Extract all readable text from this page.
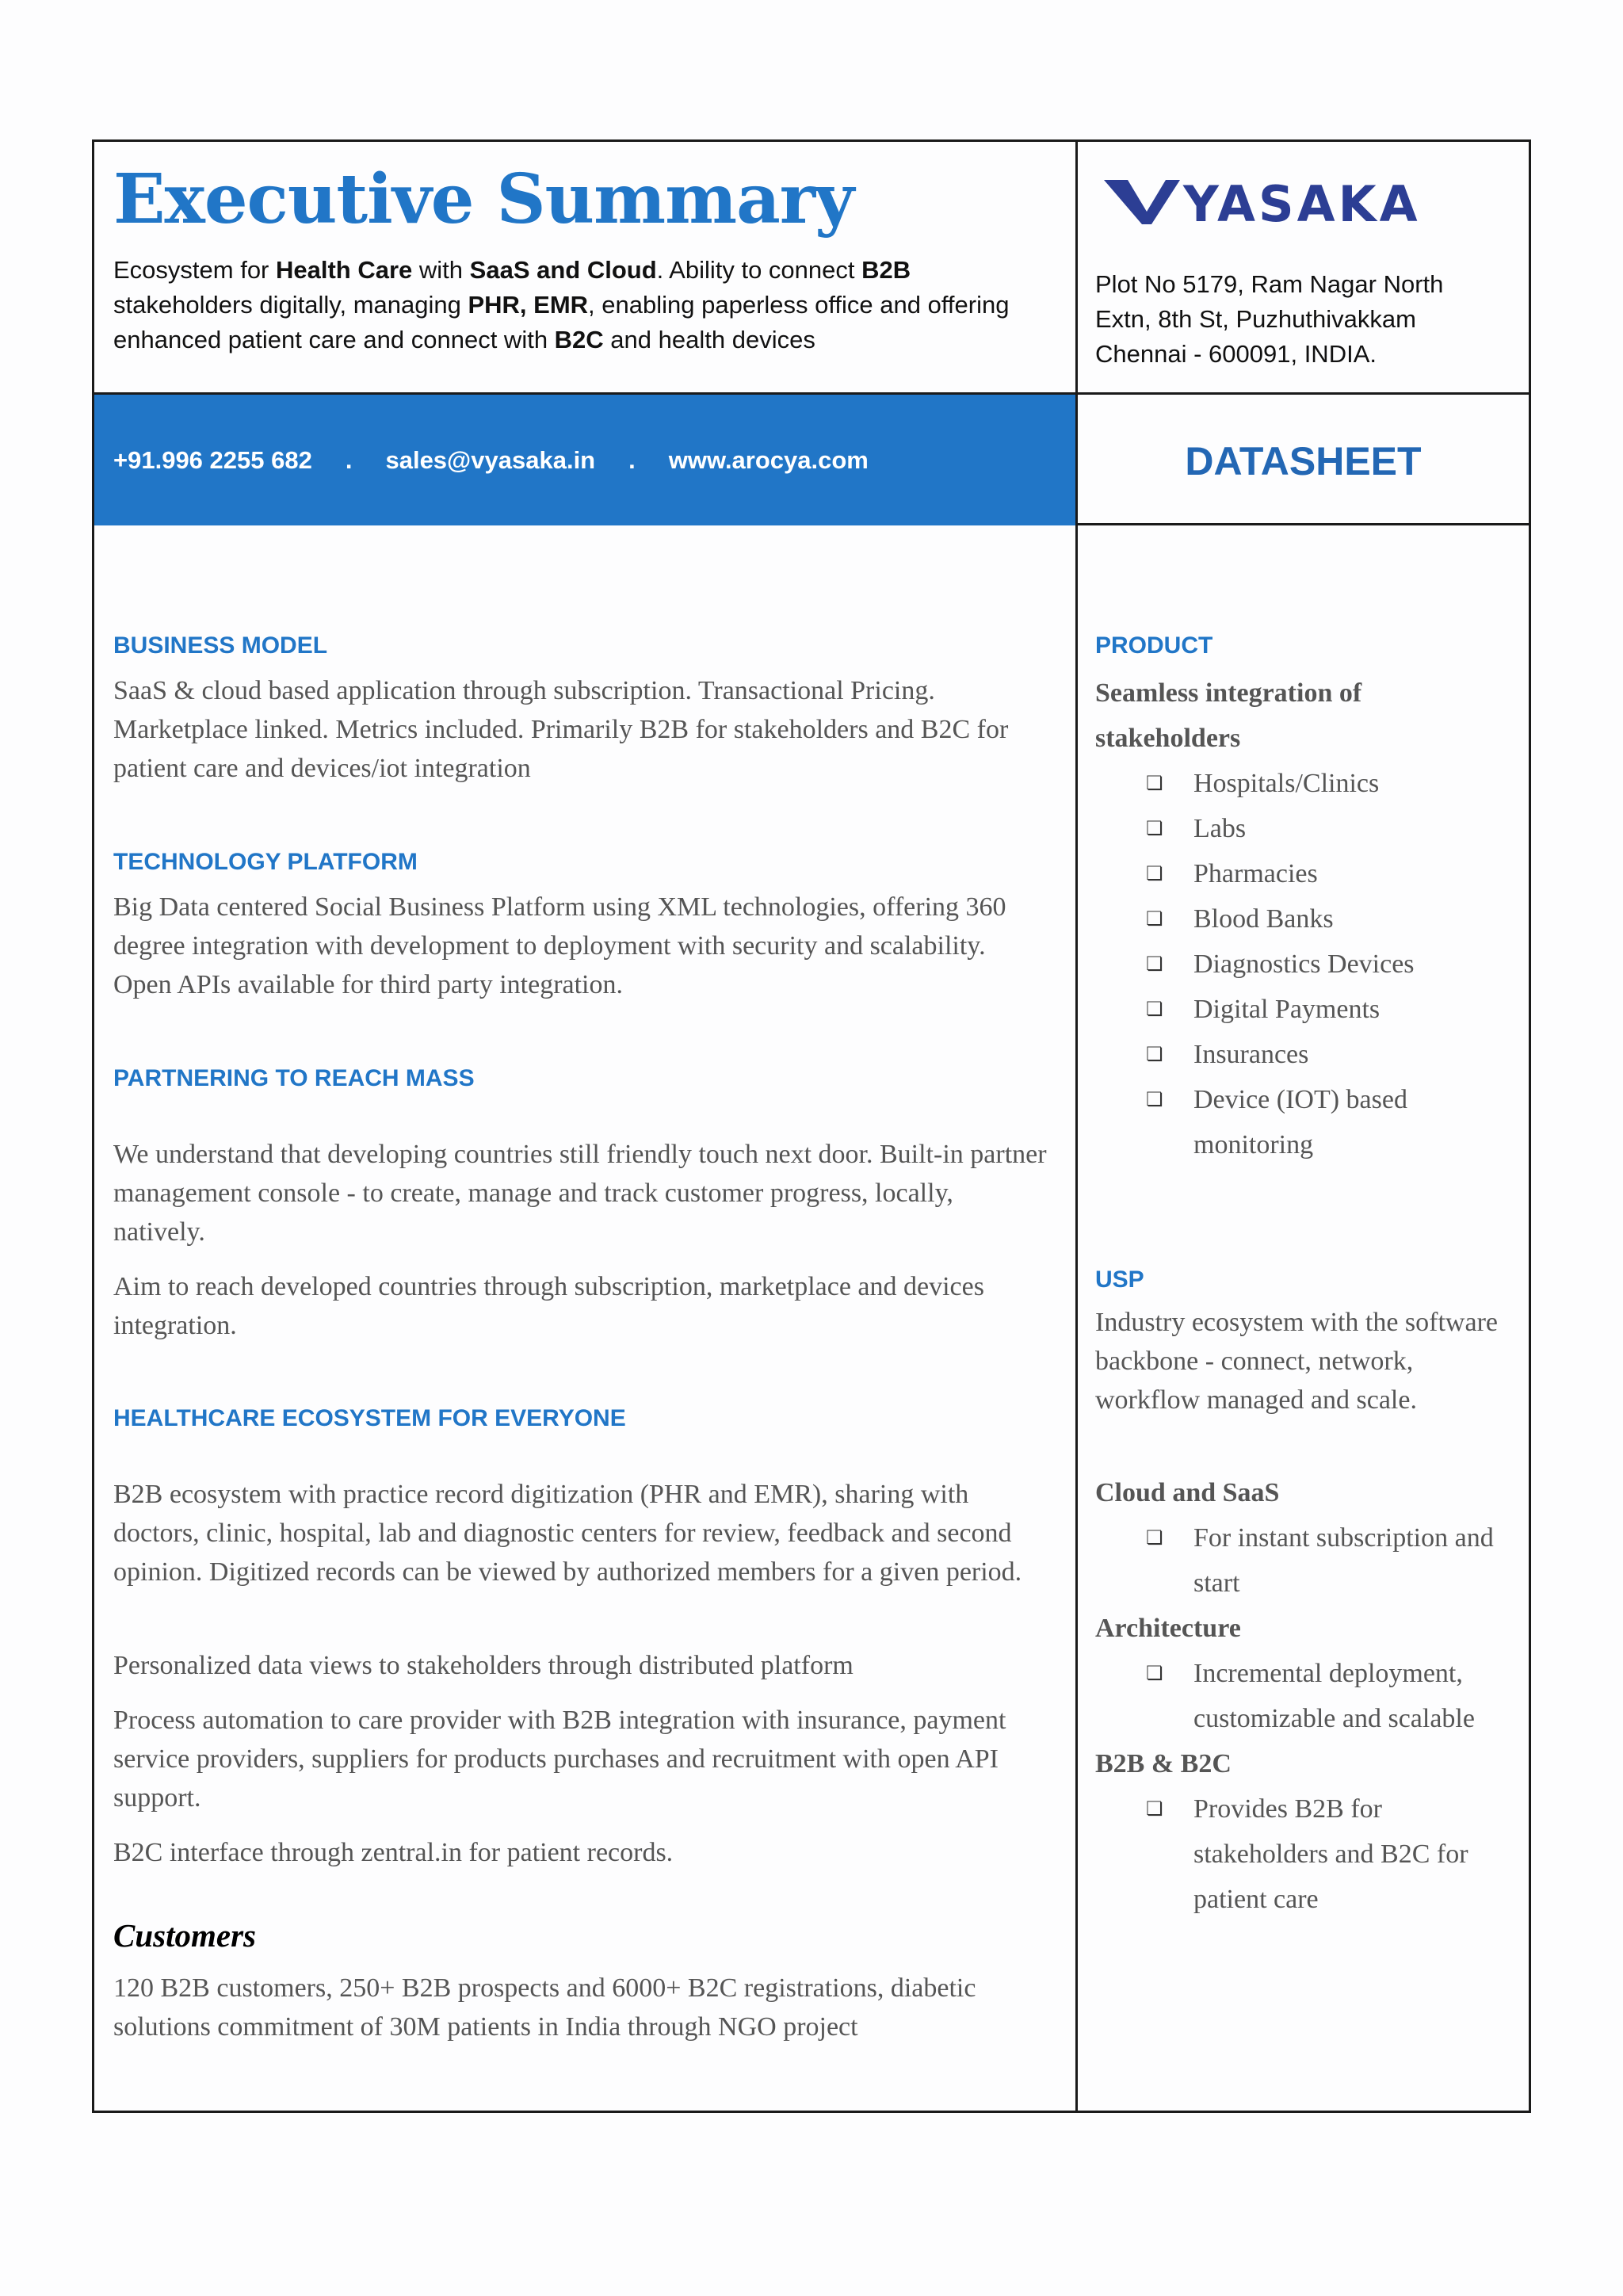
Executive Summary
Ecosystem for Health Care with SaaS and Cloud. Ability to connect B2B stakeholders digitally, managing PHR, EMR, enabling paperless office and offering enhanced patient care and connect with B2C and health devices
YASAKA
Plot No 5179, Ram Nagar North
Extn, 8th St, Puzhuthivakkam
Chennai - 600091, INDIA.
+91.996 2255 682 . sales@vyasaka.in . www.arocya.com	DATASHEET
BUSINESS MODEL

SaaS & cloud based application through subscription. Transactional Pricing. Marketplace linked. Metrics included. Primarily B2B for stakeholders and B2C for patient care and devices/iot integration

TECHNOLOGY PLATFORM

Big Data centered Social Business Platform using XML technologies, offering 360 degree integration with development to deployment with security and scalability. Open APIs available for third party integration.

PARTNERING TO REACH MASS

We understand that developing countries still friendly touch next door. Built-in partner management console - to create, manage and track customer progress, locally, natively.

Aim to reach developed countries through subscription, marketplace and devices integration.

HEALTHCARE ECOSYSTEM FOR EVERYONE

B2B ecosystem with practice record digitization (PHR and EMR), sharing with doctors, clinic, hospital, lab and diagnostic centers for review, feedback and second opinion. Digitized records can be viewed by authorized members for a given period.

Personalized data views to stakeholders through distributed platform

Process automation to care provider with B2B integration with insurance, payment service providers, suppliers for products purchases and recruitment with open API support.

B2C interface through zentral.in for patient records.

Customers

120 B2B customers, 250+ B2B prospects and 6000+ B2C registrations, diabetic solutions commitment of 30M patients in India through NGO project

PRODUCT
Seamless integration of stakeholders
❏ Hospitals/Clinics
❏ Labs
❏ Pharmacies
❏ Blood Banks
❏ Diagnostics Devices
❏ Digital Payments
❏ Insurances
❏ Device (IOT) based monitoring
USP
Industry ecosystem with the software backbone - connect, network, workflow managed and scale.
Cloud and SaaS
❏ For instant subscription and start
Architecture
❏ Incremental deployment, customizable and scalable
B2B & B2C
❏ Provides B2B for stakeholders and B2C for patient care
